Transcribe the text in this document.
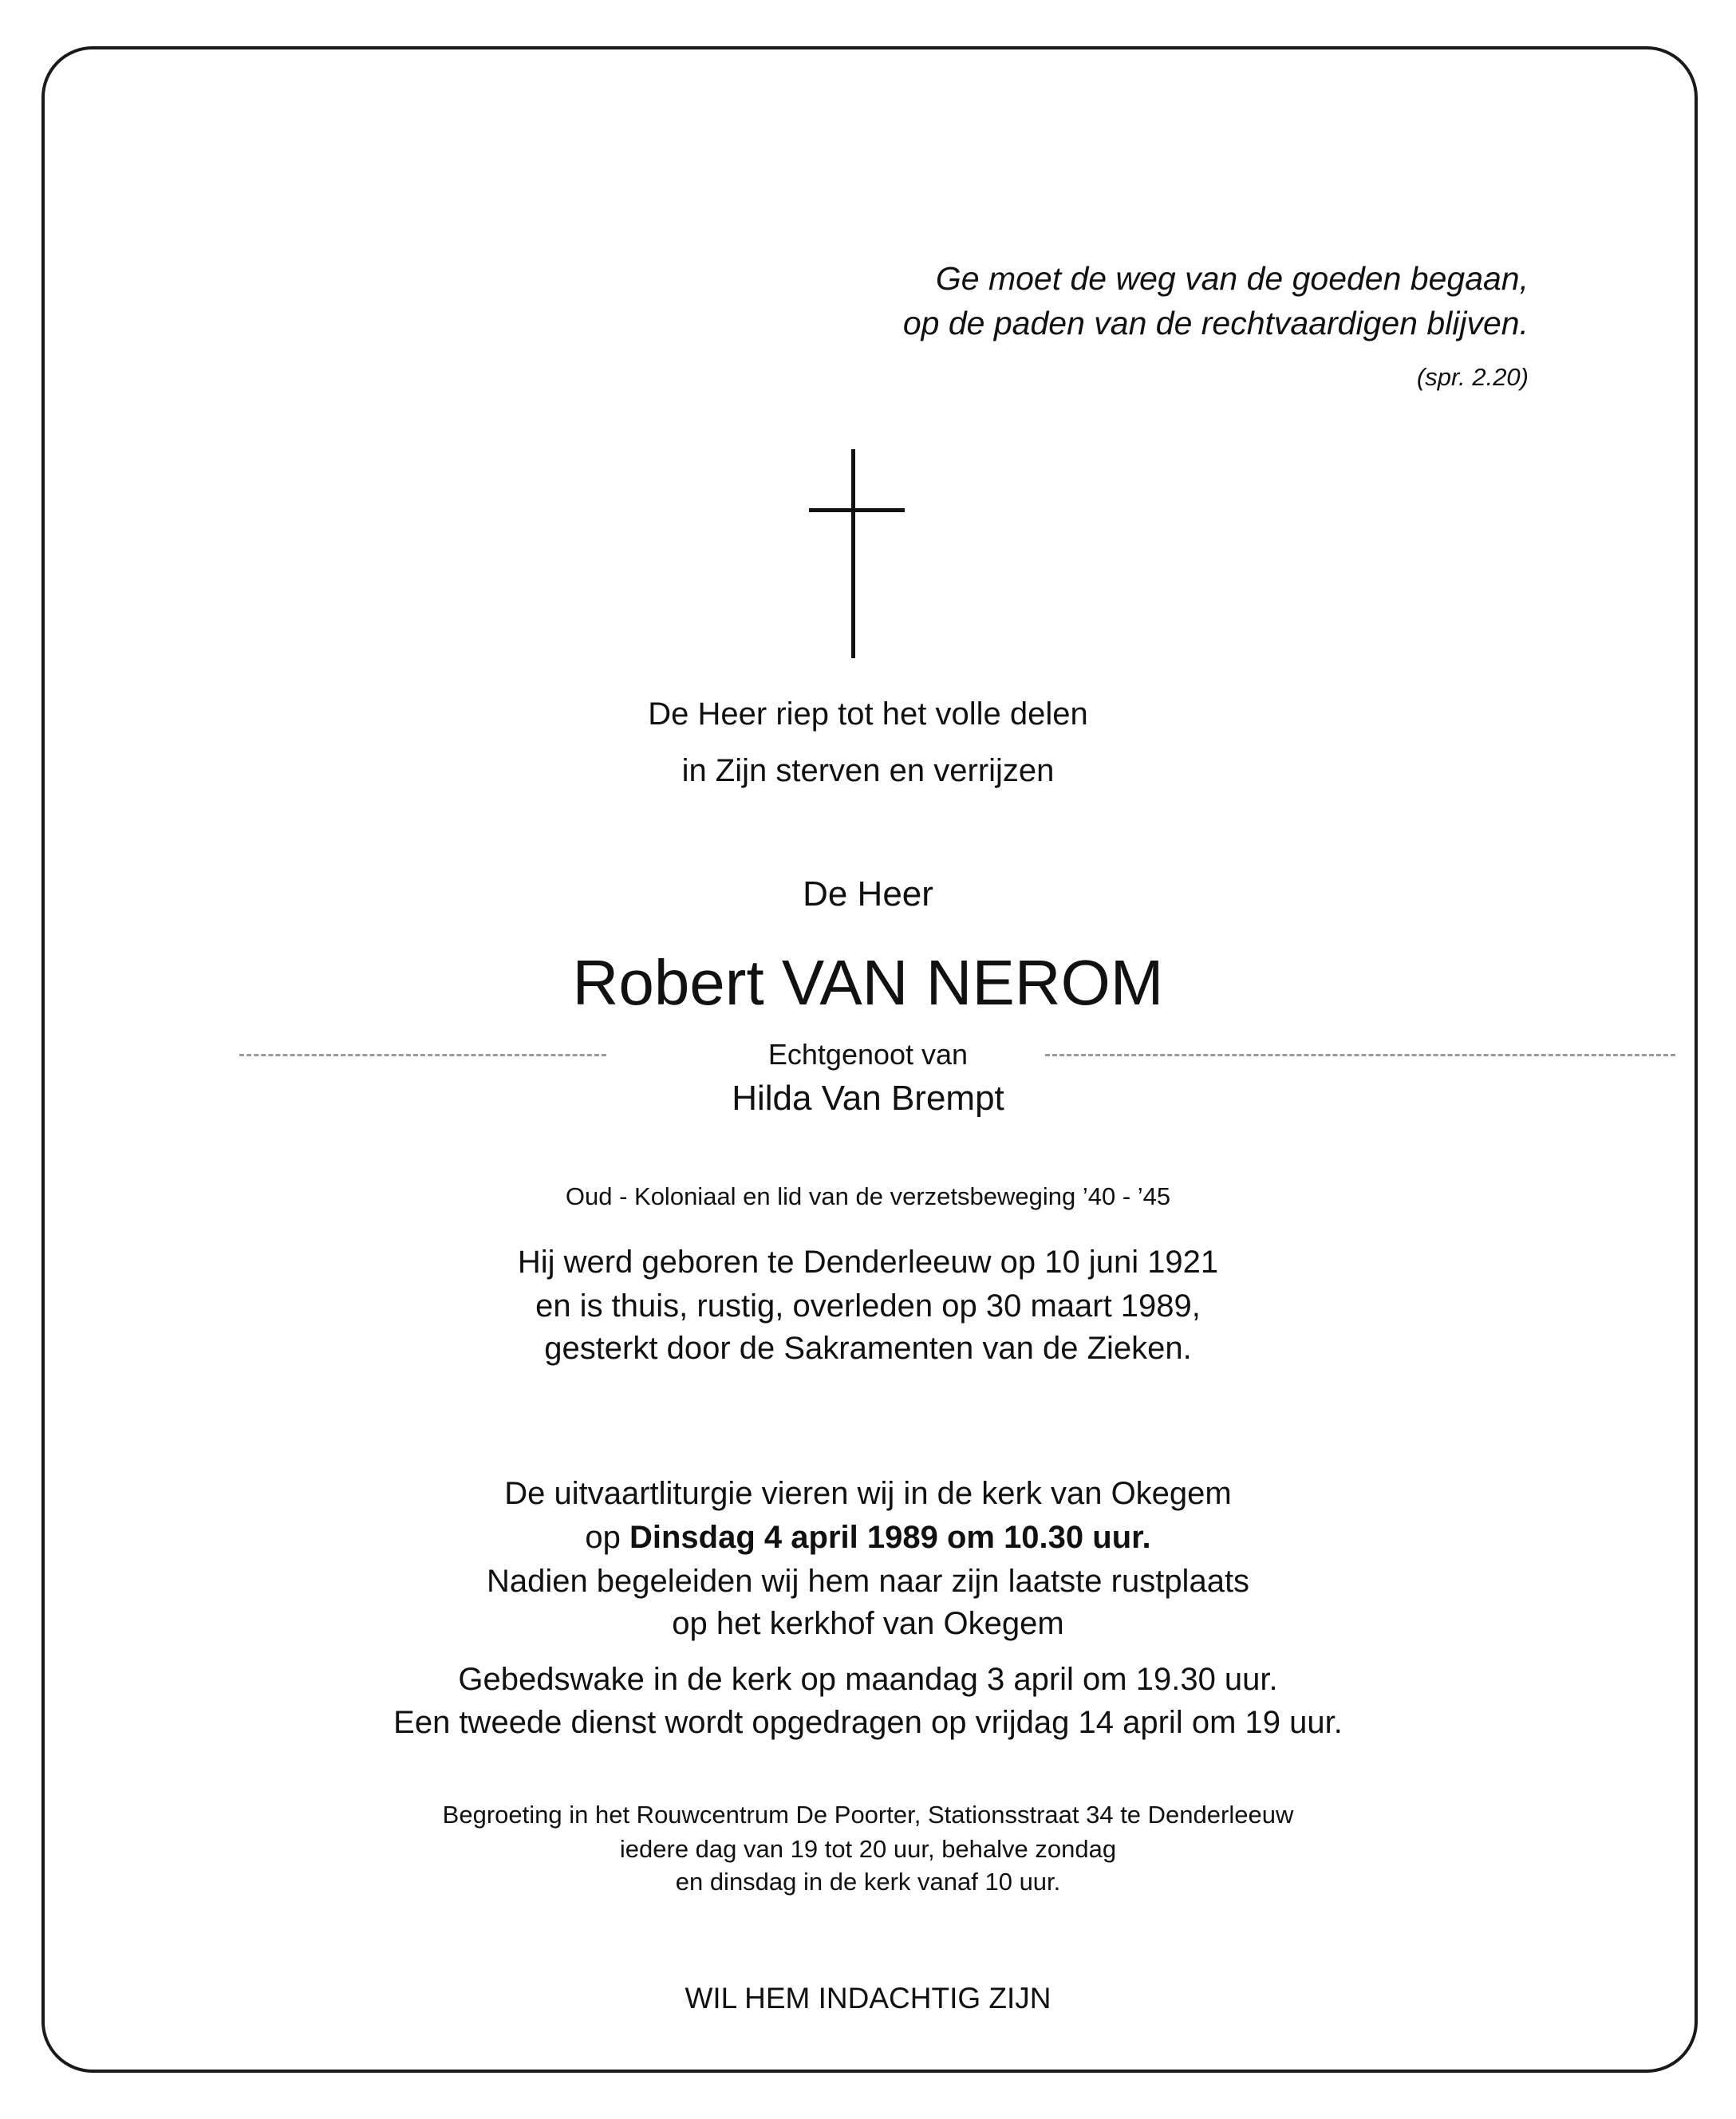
Ge moet de weg van de goeden begaan,
op de paden van de rechtvaardigen blijven.
(spr. 2.20)
De Heer riep tot het volle delen
in Zijn sterven en verrijzen
De Heer
Robert VAN NEROM
Echtgenoot van
Hilda Van Brempt
Oud - Koloniaal en lid van de verzetsbeweging ’40 - ’45
Hij werd geboren te Denderleeuw op 10 juni 1921
en is thuis, rustig, overleden op 30 maart 1989,
gesterkt door de Sakramenten van de Zieken.
De uitvaartliturgie vieren wij in de kerk van Okegem
op Dinsdag 4 april 1989 om 10.30 uur.
Nadien begeleiden wij hem naar zijn laatste rustplaats
op het kerkhof van Okegem
Gebedswake in de kerk op maandag 3 april om 19.30 uur.
Een tweede dienst wordt opgedragen op vrijdag 14 april om 19 uur.
Begroeting in het Rouwcentrum De Poorter, Stationsstraat 34 te Denderleeuw
iedere dag van 19 tot 20 uur, behalve zondag
en dinsdag in de kerk vanaf 10 uur.
WIL HEM INDACHTIG ZIJN
